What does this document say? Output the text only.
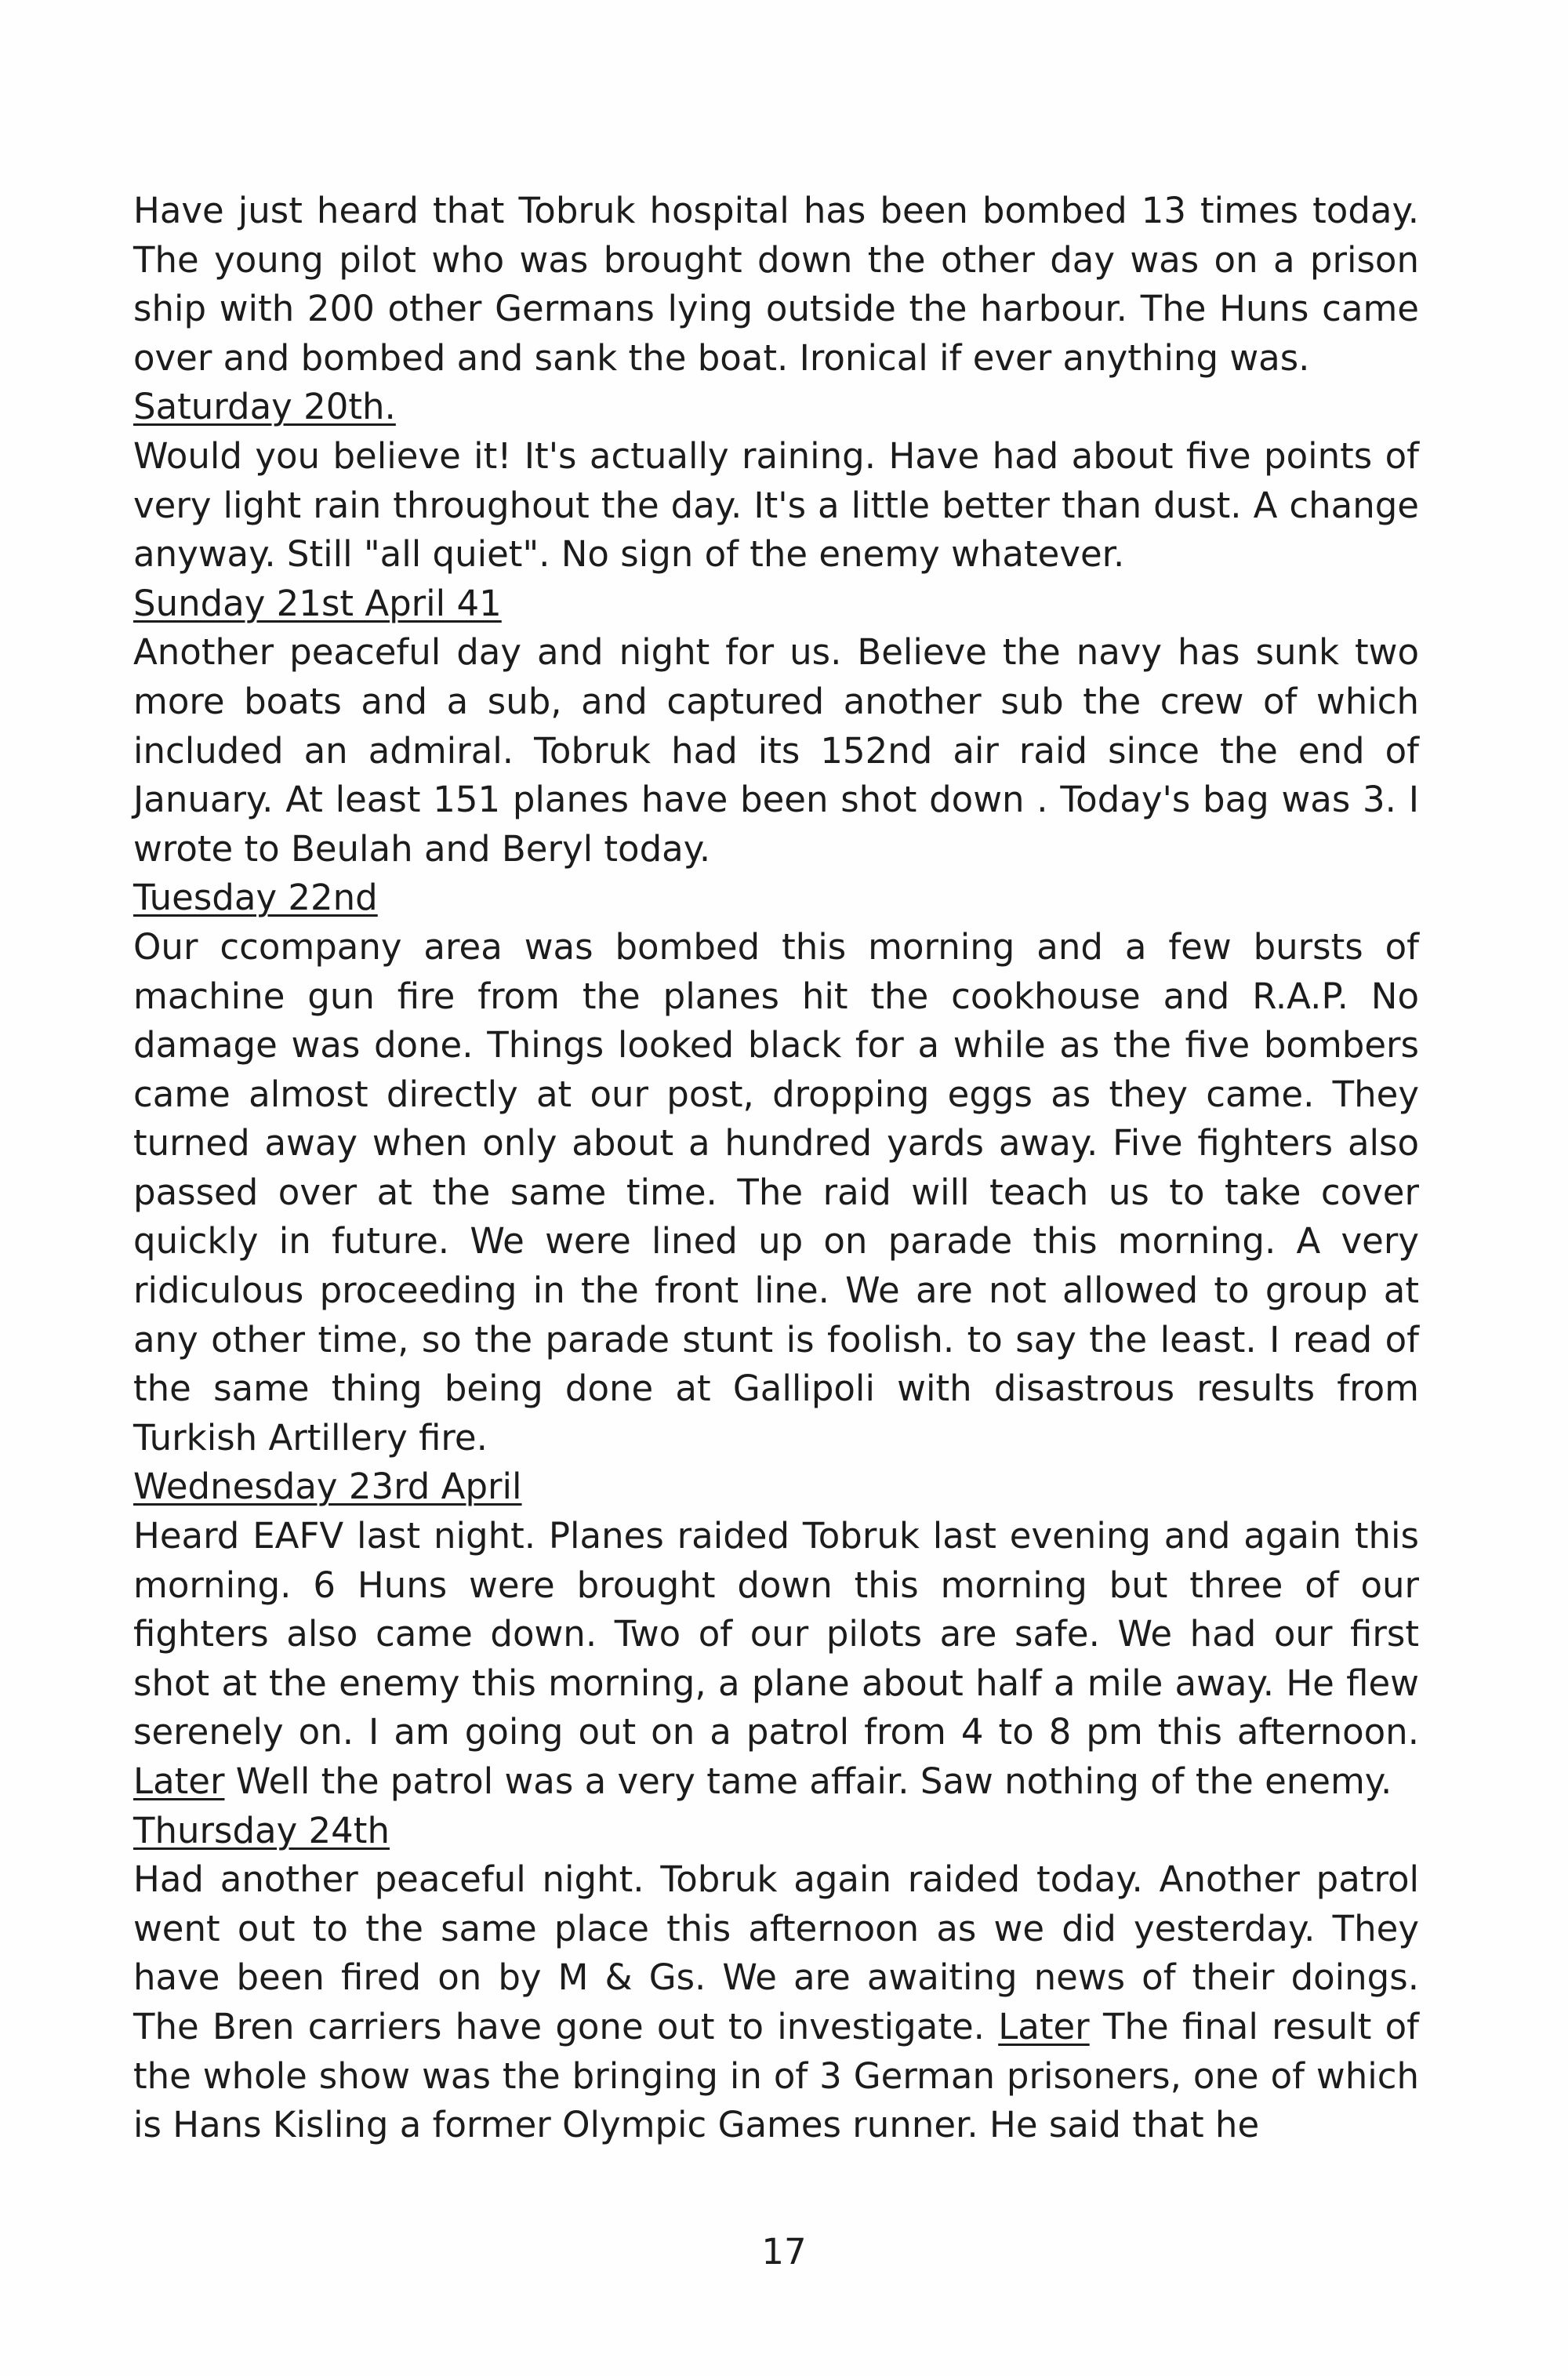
Have just heard that Tobruk hospital has been bombed 13 times today. The young pilot who was brought down the other day was on a prison ship with 200 other Germans lying outside the harbour. The Huns came over and bombed and sank the boat. Ironical if ever anything was.

Saturday 20th.

Would you believe it! It's actually raining. Have had about five points of very light rain throughout the day. It's a little better than dust. A change anyway. Still "all quiet". No sign of the enemy whatever.

Sunday 21st April 41

Another peaceful day and night for us. Believe the navy has sunk two more boats and a sub, and captured another sub the crew of which included an admiral. Tobruk had its 152nd air raid since the end of January. At least 151 planes have been shot down . Today's bag was 3. I wrote to Beulah and Beryl today.

Tuesday 22nd

Our ccompany area was bombed this morning and a few bursts of machine gun fire from the planes hit the cookhouse and R.A.P. No damage was done. Things looked black for a while as the five bombers came almost directly at our post, dropping eggs as they came. They turned away when only about a hundred yards away. Five fighters also passed over at the same time. The raid will teach us to take cover quickly in future. We were lined up on parade this morning. A very ridiculous proceeding in the front line. We are not allowed to group at any other time, so the parade stunt is foolish. to say the least. I read of the same thing being done at Gallipoli with disastrous results from Turkish Artillery fire.

Wednesday 23rd April

Heard EAFV last night. Planes raided Tobruk last evening and again this morning. 6 Huns were brought down this morning but three of our fighters also came down. Two of our pilots are safe. We had our first shot at the enemy this morning, a plane about half a mile away. He flew serenely on. I am going out on a patrol from 4 to 8 pm this afternoon. Later Well the patrol was a very tame affair. Saw nothing of the enemy.

Thursday 24th

Had another peaceful night. Tobruk again raided today. Another patrol went out to the same place this afternoon as we did yesterday. They have been fired on by M & Gs. We are awaiting news of their doings. The Bren carriers have gone out to investigate. Later The final result of the whole show was the bringing in of 3 German prisoners, one of which is Hans Kisling a former Olympic Games runner. He said that he

17
